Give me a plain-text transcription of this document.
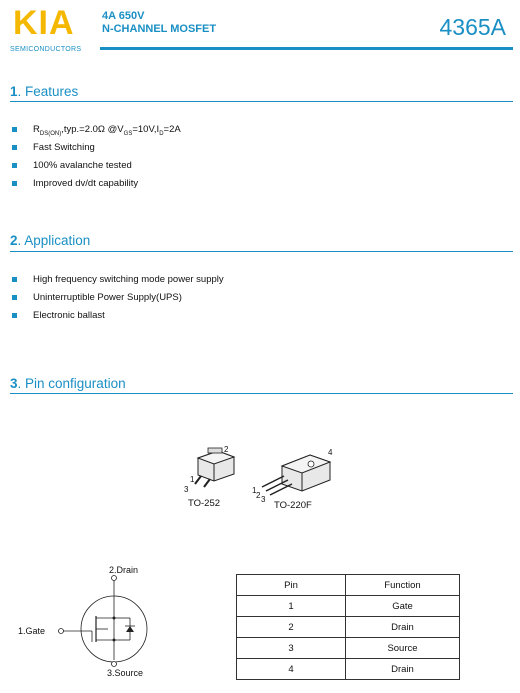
KIA
SEMICONDUCTORS
4A 650V
N-CHANNEL MOSFET	4365A
1. Features
$R_{DS(ON)},typ.=2.0\Omega$ $@V_{GS}=10V,I_D=2A$
Fast Switching
100% avalanche tested
Improved dv/dt capability
2. Application
High frequency switching mode power supply
Uninterruptible Power Supply(UPS)
Electronic ballast
3. Pin configuration
1
2
3
TO-252
1
2 3
4
TO-220F
2.Drain
1.Gate
3.Source
Pin	Function
1	Gate
2	Drain
3	Source
4	Drain
